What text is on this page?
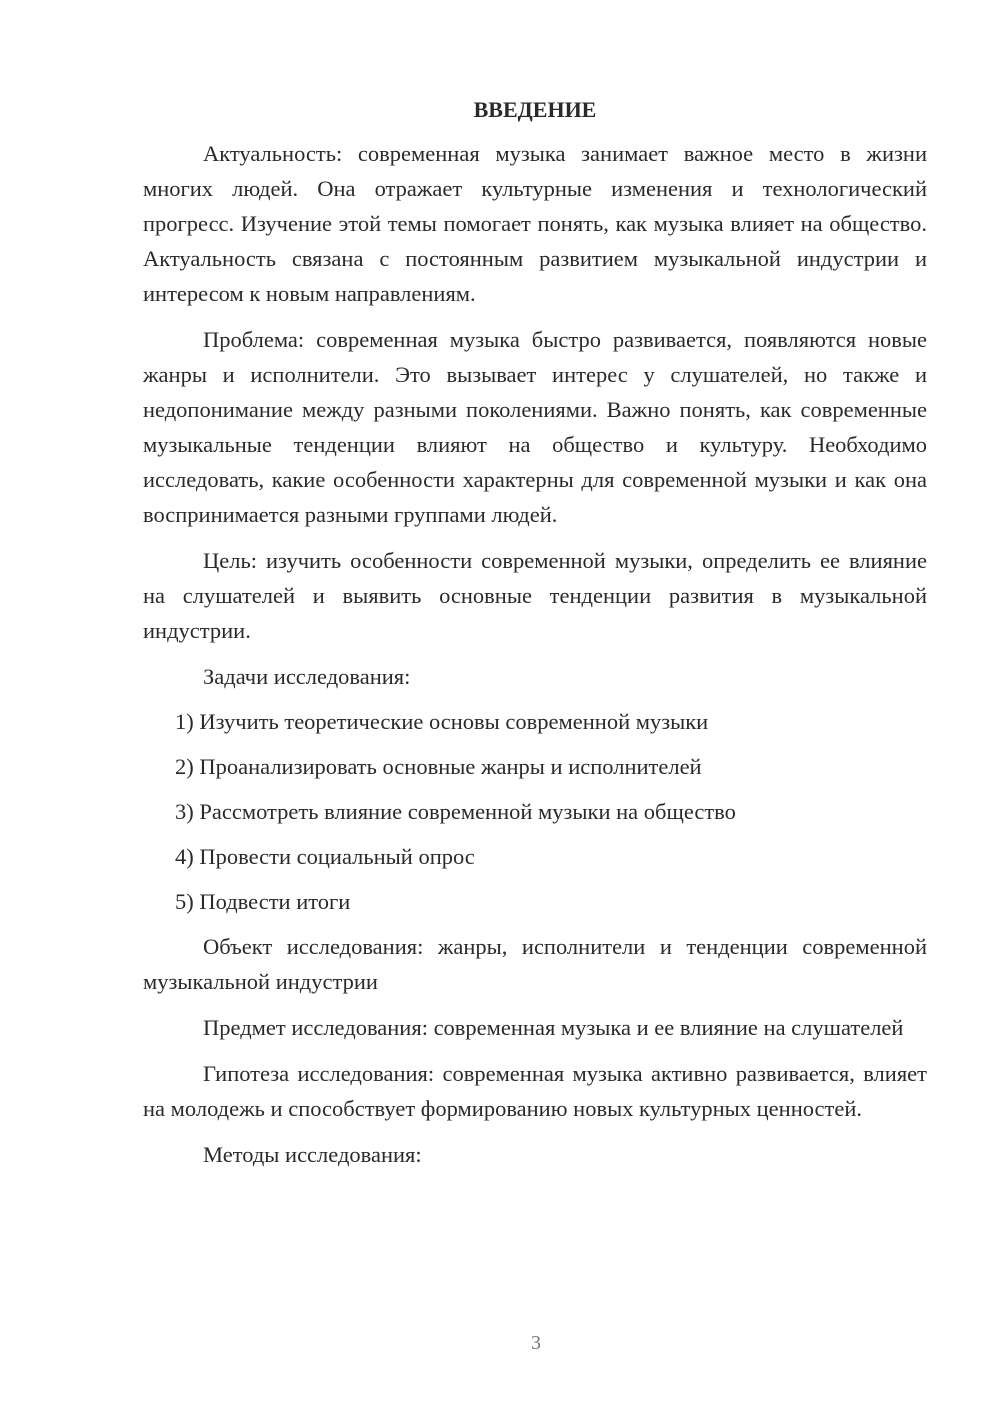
ВВЕДЕНИЕ

Актуальность: современная музыка занимает важное место в жизни многих людей. Она отражает культурные изменения и технологический прогресс. Изучение этой темы помогает понять, как музыка влияет на общество. Актуальность связана с постоянным развитием музыкальной индустрии и интересом к новым направлениям.

Проблема: современная музыка быстро развивается, появляются новые жанры и исполнители. Это вызывает интерес у слушателей, но также и недопонимание между разными поколениями. Важно понять, как современные музыкальные тенденции влияют на общество и культуру. Необходимо исследовать, какие особенности характерны для современной музыки и как она воспринимается разными группами людей.

Цель: изучить особенности современной музыки, определить ее влияние на слушателей и выявить основные тенденции развития в музыкальной индустрии.

Задачи исследования:

1) Изучить теоретические основы современной музыки

2) Проанализировать основные жанры и исполнителей

3) Рассмотреть влияние современной музыки на общество

4) Провести социальный опрос

5) Подвести итоги

Объект исследования: жанры, исполнители и тенденции современной музыкальной индустрии

Предмет исследования: современная музыка и ее влияние на слушателей

Гипотеза исследования: современная музыка активно развивается, влияет на молодежь и способствует формированию новых культурных ценностей.

Методы исследования:

3
